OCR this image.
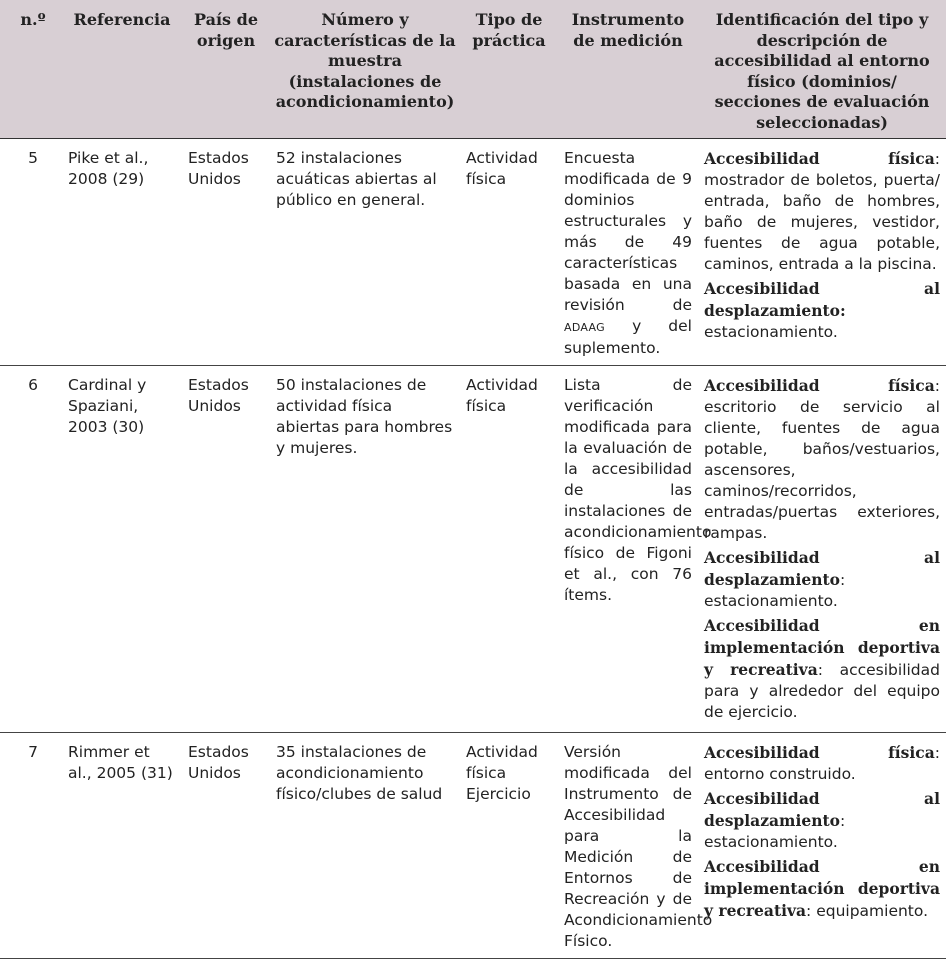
n.º	Referencia	País de origen	Número y características de la muestra (instalaciones de acondicionamiento)	Tipo de práctica	Instrumento de medición	Identificación del tipo y descripción de accesibilidad al entorno físico (dominios/ secciones de evaluación seleccionadas)
5	Pike et al., 2008 (29)	Estados Unidos	52 instalaciones acuáticas abiertas al público en general.	Actividad física	Encuesta modificada de 9 dominios estructurales y más de 49 características basada en una revisión de ADAAG y del suplemento.	Accesibilidad física: mostrador de boletos, puerta/ entrada, baño de hombres, baño de mujeres, vestidor, fuentes de agua potable, caminos, entrada a la piscina.

Accesibilidad al desplazamiento: estacionamiento.

6	Cardinal y Spaziani, 2003 (30)	Estados Unidos	50 instalaciones de actividad física abiertas para hombres y mujeres.	Actividad física	Lista de verificación modificada para la evaluación de la accesibilidad de las instalaciones de acondicionamiento físico de Figoni et al., con 76 ítems.	Accesibilidad física: escritorio de servicio al cliente, fuentes de agua potable, baños/vestuarios, ascensores, caminos/recorridos, entradas/puertas exteriores, rampas.

Accesibilidad al desplazamiento: estacionamiento.

Accesibilidad en implementación deportiva y recreativa: accesibilidad para y alrededor del equipo de ejercicio.

7	Rimmer et al., 2005 (31)	Estados Unidos	35 instalaciones de acondicionamiento físico/clubes de salud	Actividad física Ejercicio	Versión modificada del Instrumento de Accesibilidad para la Medición de Entornos de Recreación y de Acondicionamiento Físico.	Accesibilidad física: entorno construido.

Accesibilidad al desplazamiento: estacionamiento.

Accesibilidad en implementación deportiva y recreativa: equipamiento.
